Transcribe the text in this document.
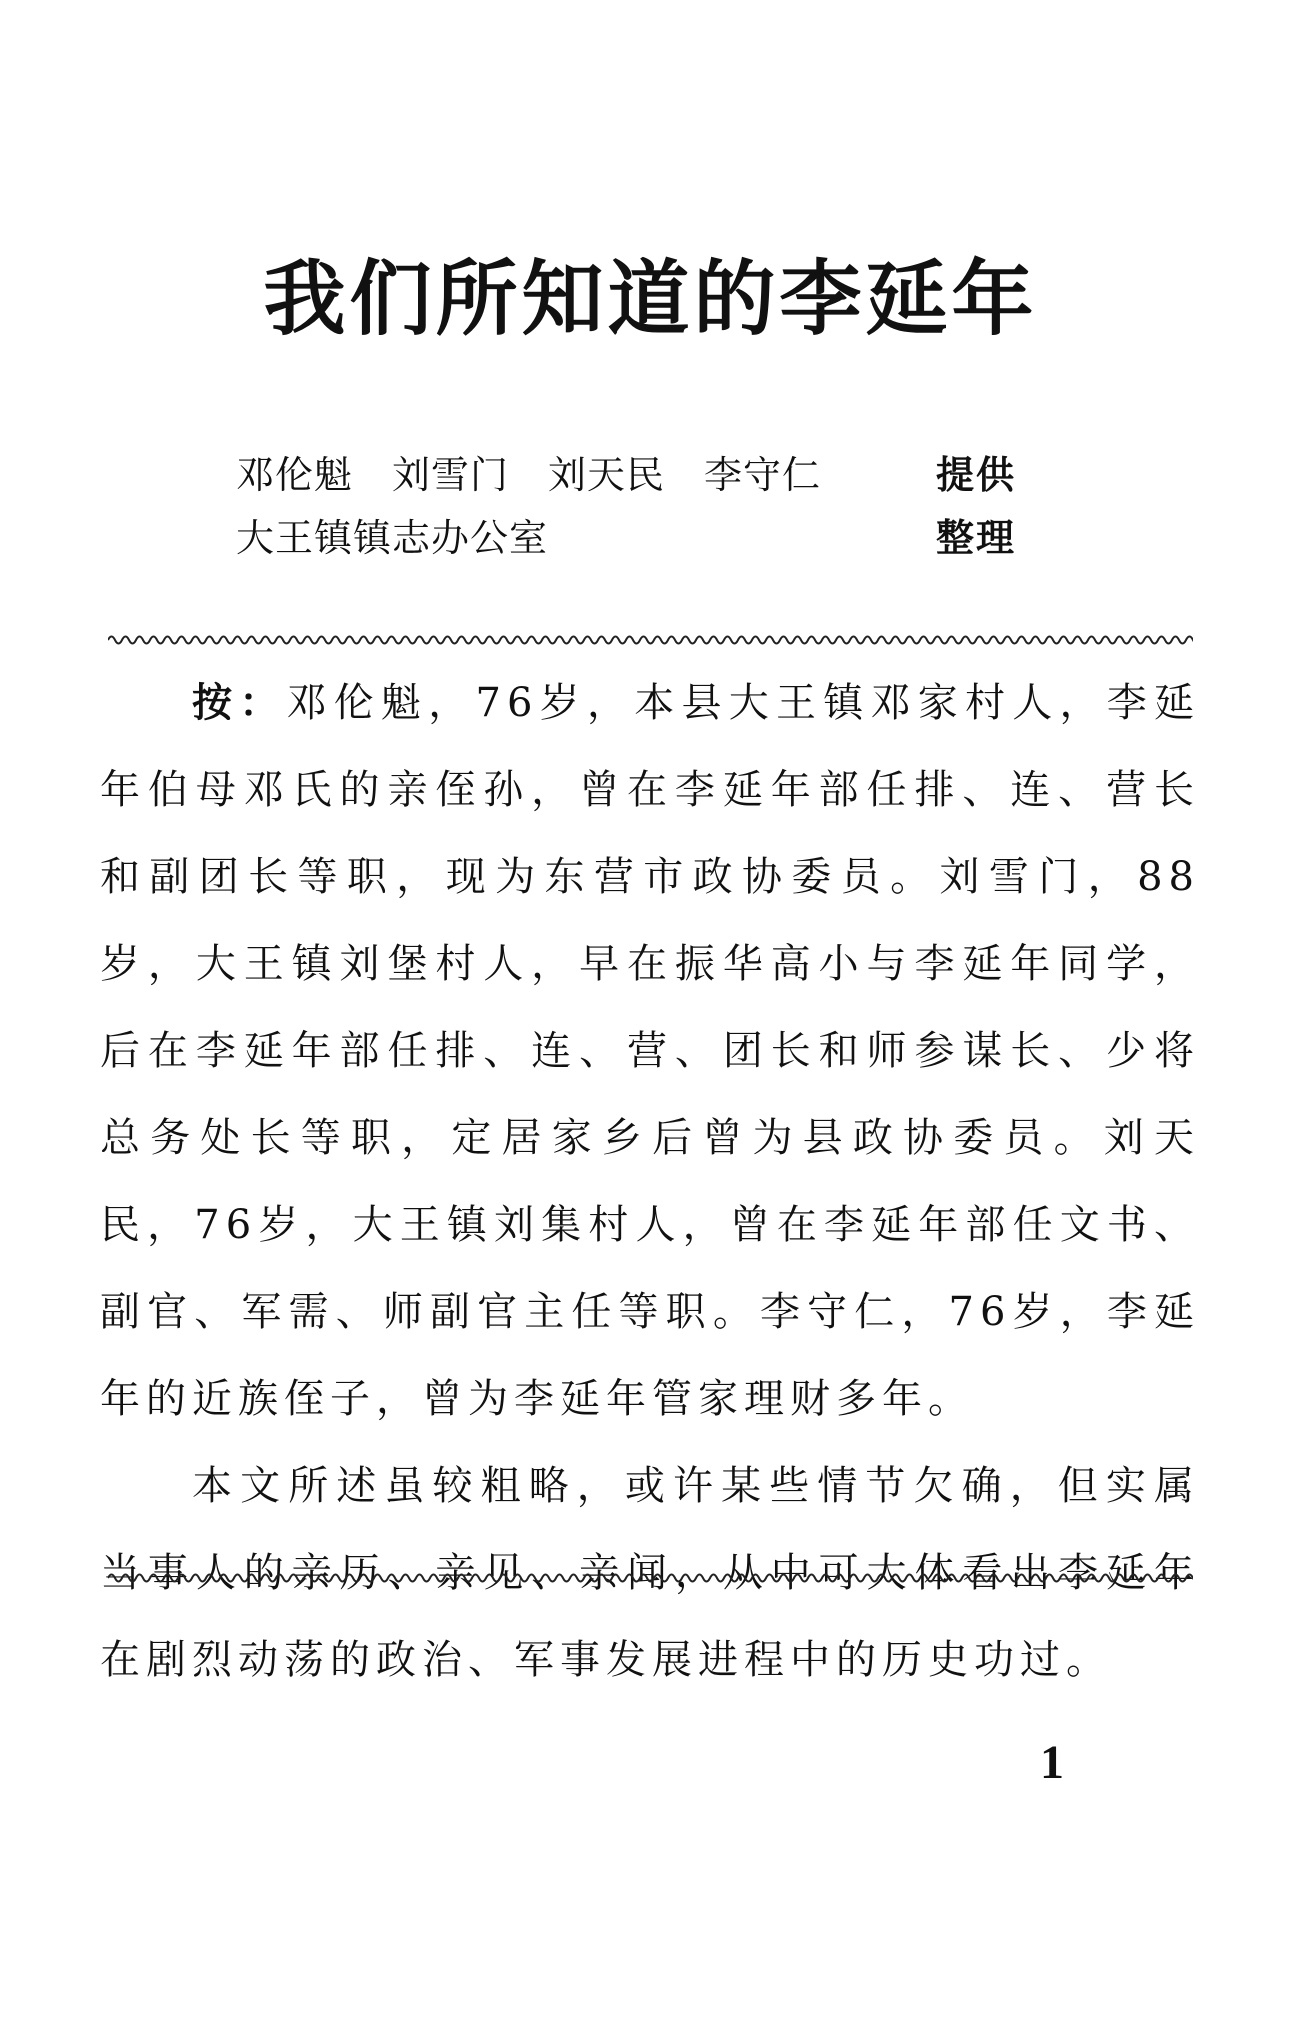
我们所知道的李延年
邓伦魁　刘雪门　刘天民　李守仁	提供
大王镇镇志办公室	整理

按：邓伦魁，76岁，本县大王镇邓家村人，李延年伯母邓氏的亲侄孙，曾在李延年部任排、连、营长和副团长等职，现为东营市政协委员。刘雪门，88岁，大王镇刘堡村人，早在振华高小与李延年同学，后在李延年部任排、连、营、团长和师参谋长、少将总务处长等职，定居家乡后曾为县政协委员。刘天民，76岁，大王镇刘集村人，曾在李延年部任文书、副官、军需、师副官主任等职。李守仁，76岁，李延年的近族侄子，曾为李延年管家理财多年。

本文所述虽较粗略，或许某些情节欠确，但实属当事人的亲历、亲见、亲闻，从中可大体看出李延年在剧烈动荡的政治、军事发展进程中的历史功过。

1
